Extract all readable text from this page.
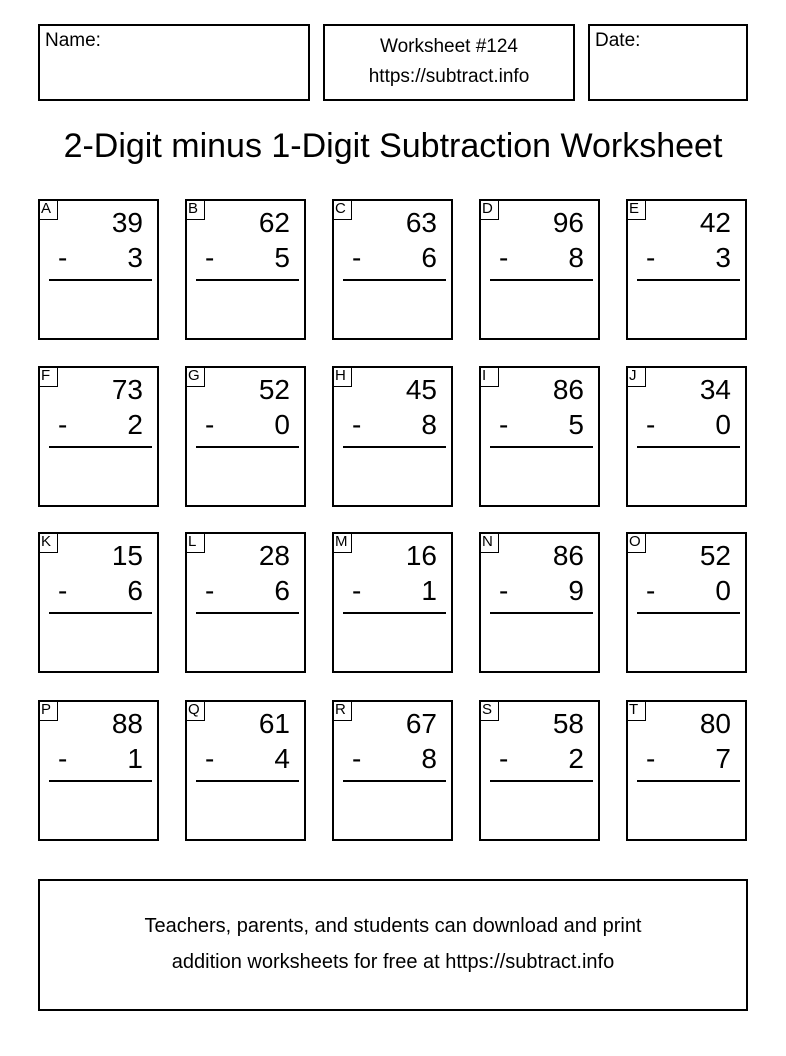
Name:	Worksheet #124
https://subtract.info
Date:
2-Digit minus 1-Digit Subtraction Worksheet
A 39
- 3
B 62
- 5
C 63
- 6
D 96
- 8
E 42
- 3
F 73
- 2
G 52
- 0
H 45
- 8
I	86
- 5
J	34
- 0
K 15
- 6
L	28
- 6
M 16
- 1
N 86
- 9
O 52
- 0
P 88
- 1
Q 61
- 4
R 67
- 8
S 58
- 2
T 80
- 7
Teachers, parents, and students can download and print
addition worksheets for free at https://subtract.info
